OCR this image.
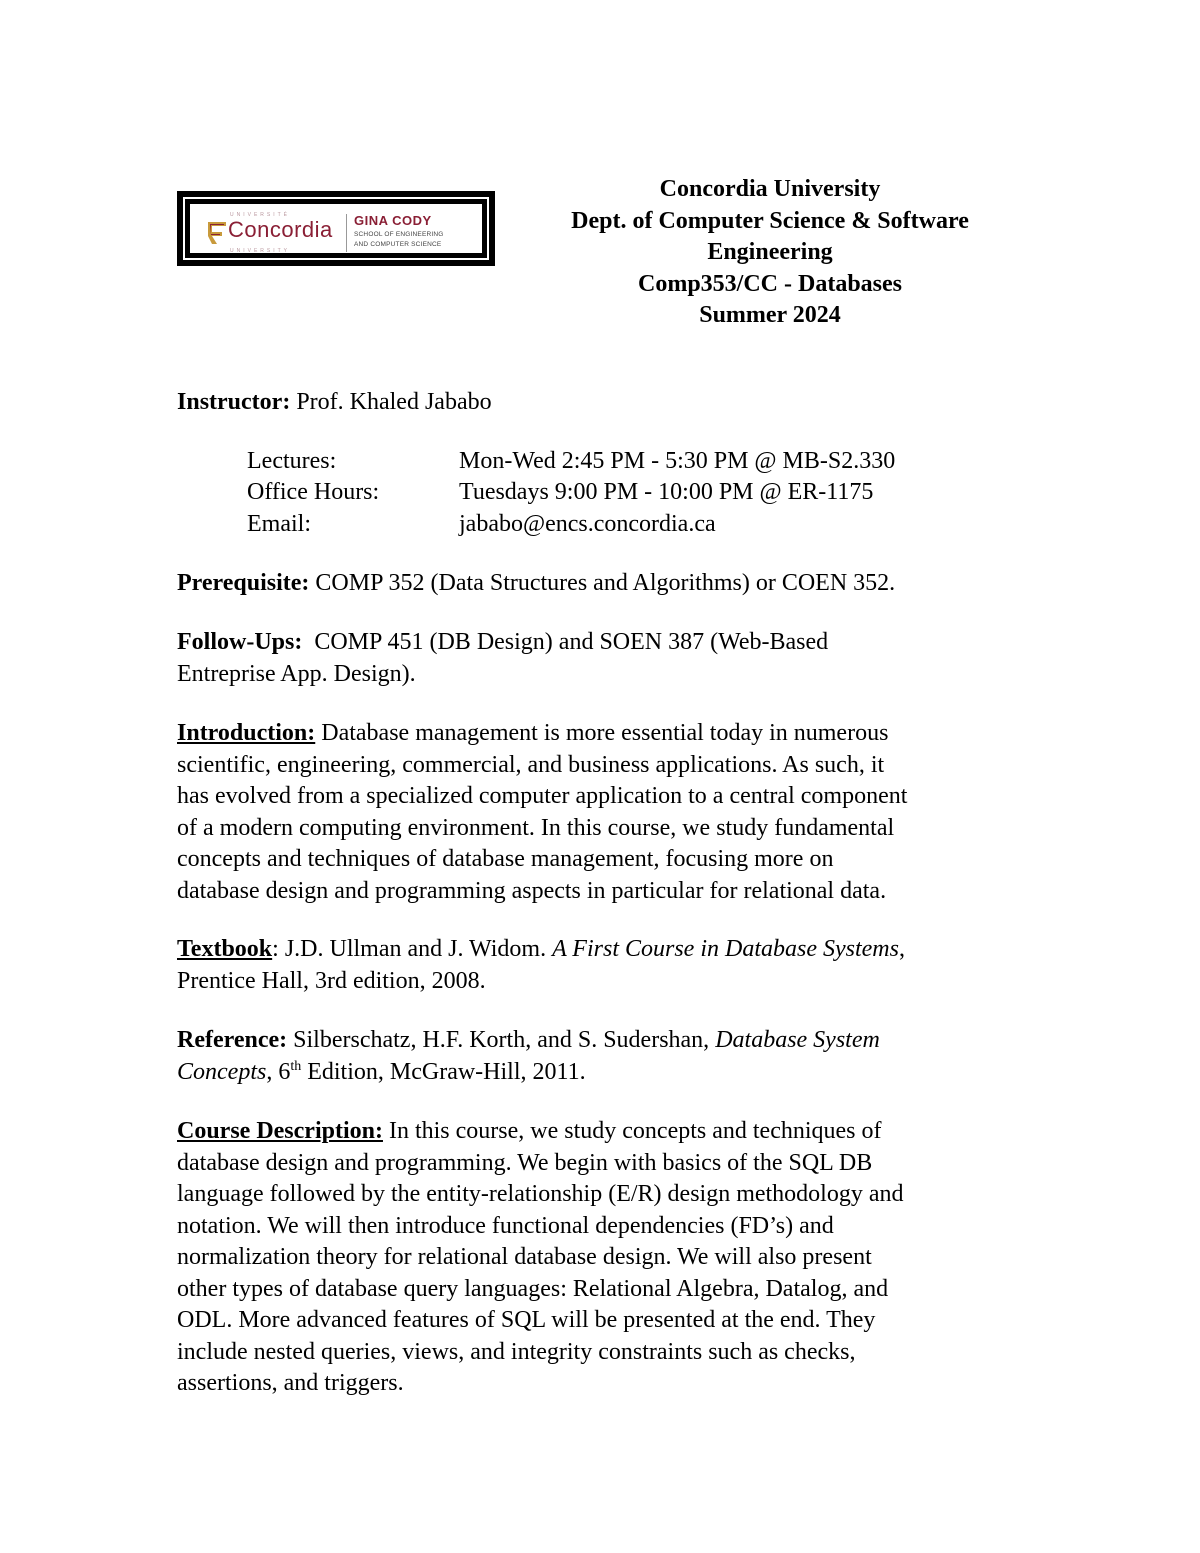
UNIVERSITÉ
Concordia
UNIVERSITY
GINA CODY
SCHOOL OF ENGINEERING
AND COMPUTER SCIENCE
Concordia University
Dept. of Computer Science & Software
Engineering
Comp353/CC - Databases
Summer 2024
Instructor: Prof. Khaled Jababo
Lectures:	Mon-Wed 2:45 PM - 5:30 PM @ MB-S2.330
Office Hours:	Tuesdays 9:00 PM - 10:00 PM @ ER-1175
Email:	jababo@encs.concordia.ca
Prerequisite: COMP 352 (Data Structures and Algorithms) or COEN 352.
Follow-Ups:  COMP 451 (DB Design) and SOEN 387 (Web-Based
Entreprise App. Design).
Introduction: Database management is more essential today in numerous
scientific, engineering, commercial, and business applications. As such, it
has evolved from a specialized computer application to a central component
of a modern computing environment. In this course, we study fundamental
concepts and techniques of database management, focusing more on
database design and programming aspects in particular for relational data.
Textbook: J.D. Ullman and J. Widom. A First Course in Database Systems,
Prentice Hall, 3rd edition, 2008.
Reference: Silberschatz, H.F. Korth, and S. Sudershan, Database System
Concepts, 6th Edition, McGraw-Hill, 2011.
Course Description: In this course, we study concepts and techniques of
database design and programming. We begin with basics of the SQL DB
language followed by the entity-relationship (E/R) design methodology and
notation. We will then introduce functional dependencies (FD’s) and
normalization theory for relational database design. We will also present
other types of database query languages: Relational Algebra, Datalog, and
ODL. More advanced features of SQL will be presented at the end. They
include nested queries, views, and integrity constraints such as checks,
assertions, and triggers.
